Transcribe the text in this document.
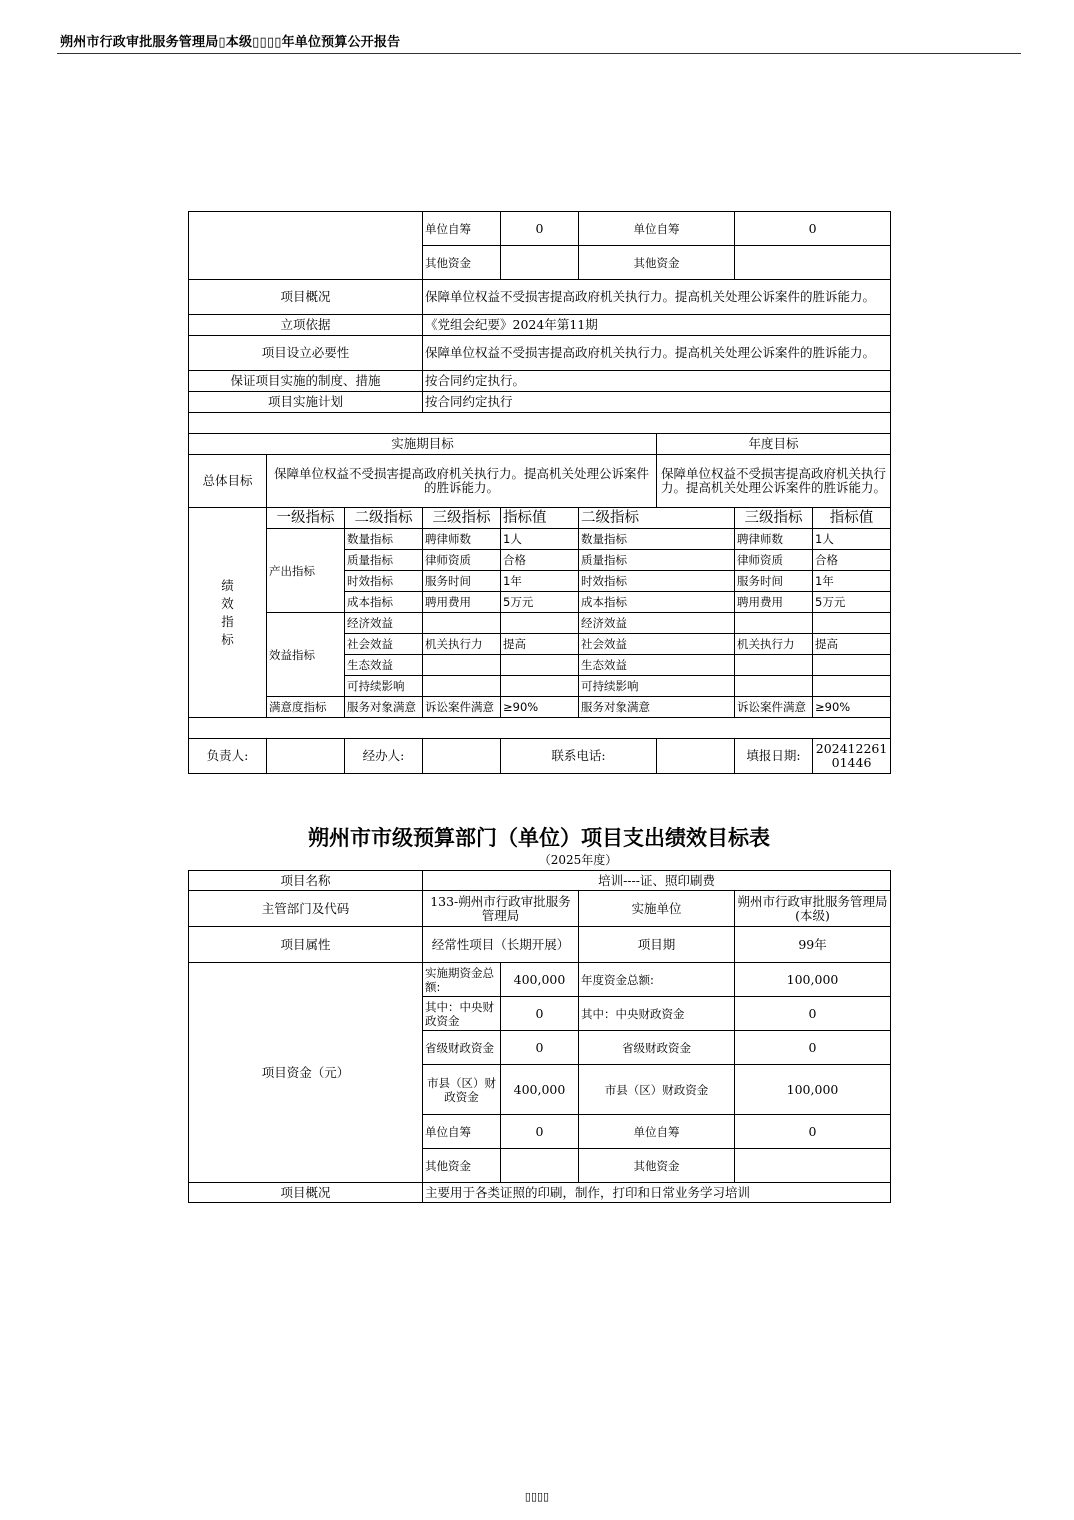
朔州市行政审批服务管理局▯本级▯▯▯▯年单位预算公开报告
			单位自筹	0	单位自筹		0	
			其他资金		其他资金			
项目概况			保障单位权益不受损害提高政府机关执行力。提高机关处理公诉案件的胜诉能力。					
立项依据			《党组会纪要》2024年第11期					
项目设立必要性			保障单位权益不受损害提高政府机关执行力。提高机关处理公诉案件的胜诉能力。					
保证项目实施的制度、措施			按合同约定执行。					
项目实施计划			按合同约定执行					

实施期目标						年度目标		
总体目标	保障单位权益不受损害提高政府机关执行力。提高机关处理公诉案件的胜诉能力。					保障单位权益不受损害提高政府机关执行力。提高机关处理公诉案件的胜诉能力。		
绩
效
指
标	一级指标	二级指标	三级指标	指标值	二级指标		三级指标	指标值
	产出指标	数量指标	聘律师数	1人	数量指标		聘律师数	1人
		质量指标	律师资质	合格	质量指标		律师资质	合格
		时效指标	服务时间	1年	时效指标		服务时间	1年
		成本指标	聘用费用	5万元	成本指标		聘用费用	5万元
	效益指标	经济效益			经济效益			
		社会效益	机关执行力	提高	社会效益		机关执行力	提高
		生态效益			生态效益			
		可持续影响			可持续影响			
	满意度指标	服务对象满意	诉讼案件满意	≥90%	服务对象满意		诉讼案件满意	≥90%

负责人:		经办人:		联系电话:			填报日期:	20241226101446
朔州市市级预算部门（单位）项目支出绩效目标表
（2025年度）
项目名称	培训----证、照印刷费			
主管部门及代码	133-朔州市行政审批服务管理局		实施单位	朔州市行政审批服务管理局(本级)
项目属性	经常性项目（长期开展）		项目期	99年
项目资金（元）	实施期资金总额:	400,000	年度资金总额:	100,000
	其中：中央财政资金	0	其中：中央财政资金	0
	省级财政资金	0	省级财政资金	0
	市县（区）财政资金	400,000	市县（区）财政资金	100,000
	单位自筹	0	单位自筹	0
	其他资金		其他资金	
项目概况	主要用于各类证照的印刷，制作，打印和日常业务学习培训			
▯▯▯▯
